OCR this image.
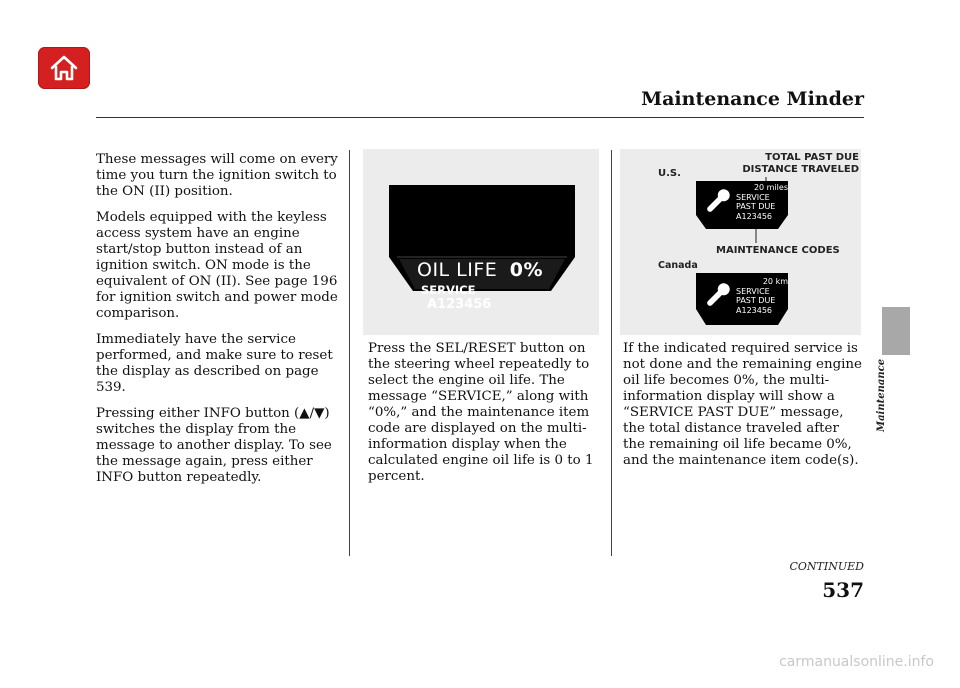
Maintenance Minder

These messages will come on every time you turn the ignition switch to the ON (II) position.

Models equipped with the keyless access system have an engine start/stop button instead of an ignition switch. ON mode is the equivalent of ON (II). See page 196 for ignition switch and power mode comparison.

Immediately have the service performed, and make sure to reset the display as described on page 539.

Pressing either INFO button (▲/▼) switches the display from the message to another display. To see the message again, press either INFO button repeatedly.

OIL LIFE 0%
SERVICE A123456
TOTAL PAST DUE
DISTANCE TRAVELED
U.S.
MAINTENANCE CODES
Canada
20 miles
SERVICE
PAST DUE
A123456
20 km
SERVICE
PAST DUE
A123456

Press the SEL/RESET button on the steering wheel repeatedly to select the engine oil life. The message “SERVICE,” along with “0%,” and the maintenance item code are displayed on the multi-information display when the calculated engine oil life is 0 to 1 percent.

If the indicated required service is not done and the remaining engine oil life becomes 0%, the multi-information display will show a “SERVICE PAST DUE” message, the total distance traveled after the remaining oil life became 0%, and the maintenance item code(s).

Maintenance
CONTINUED
537
carmanualsonline.info
